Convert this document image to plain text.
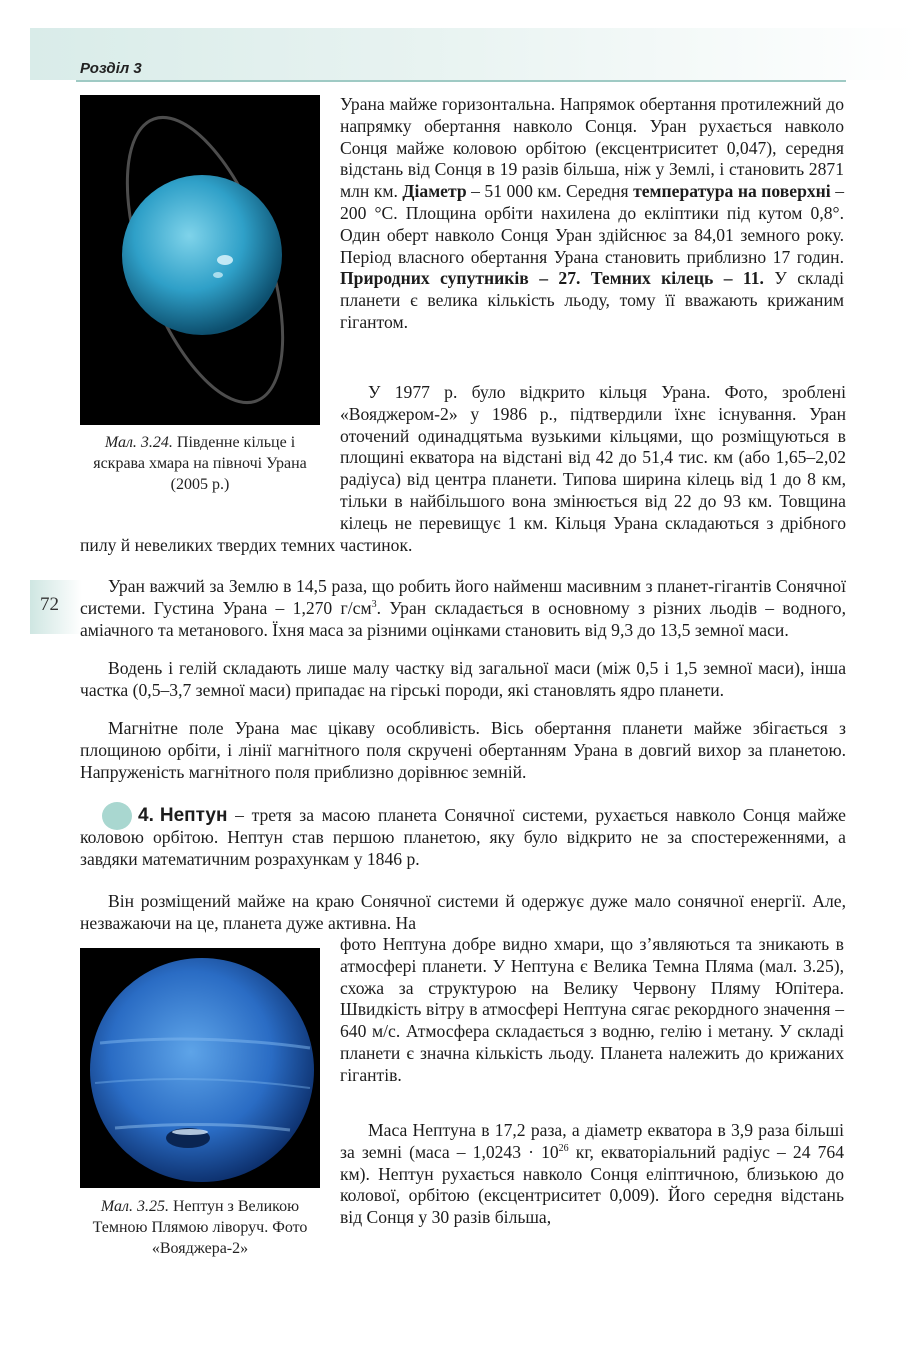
Розділ 3
72
Мал. 3.24. Південне кільце і яскрава хмара на півночі Урана (2005 р.)

Урана майже горизонтальна. Напрямок обертання протилежний до напрямку обертання навколо Сонця. Уран рухається навколо Сонця майже коловою орбітою (ексцентриситет 0,047), середня відстань від Сонця в 19 разів більша, ніж у Землі, і становить 2871 млн км. Діаметр – 51 000 км. Середня температура на поверхні – 200 °С. Площина орбіти нахилена до екліптики під кутом 0,8°. Один оберт навколо Сонця Уран здійснює за 84,01 земного року. Період власного обертання Урана становить приблизно 17 годин. Природних супутників – 27. Темних кілець – 11. У складі планети є велика кількість льоду, тому її вважають крижаним гігантом.

У 1977 р. було відкрито кільця Урана. Фото, зроблені «Вояджером-2» у 1986 р., підтвердили їхнє існування. Уран оточений одинадцятьма вузькими кільцями, що розміщуються в площині екватора на відстані від 42 до 51,4 тис. км (або 1,65–2,02 радіуса) від центра планети. Типова ширина кілець від 1 до 8 км, тільки в найбільшого вона змінюється від 22 до 93 км. Товщина кілець не перевищує 1 км. Кільця Урана складаються з дрібного пилу й невеликих твердих темних частинок.

Уран важчий за Землю в 14,5 раза, що робить його найменш масивним з планет-гігантів Сонячної системи. Густина Урана – 1,270 $г/см^3$. Уран складається в основному з різних льодів – водного, аміачного та метанового. Їхня маса за різними оцінками становить від 9,3 до 13,5 земної маси.

Водень і гелій складають лише малу частку від загальної маси (між 0,5 і 1,5 земної маси), інша частка (0,5–3,7 земної маси) припадає на гірські породи, які становлять ядро планети.

Магнітне поле Урана має цікаву особливість. Вісь обертання планети майже збігається з площиною орбіти, і лінії магнітного поля скручені обертанням Урана в довгий вихор за планетою. Напруженість магнітного поля приблизно дорівнює земній.

4. Нептун – третя за масою планета Сонячної системи, рухається навколо Сонця майже коловою орбітою. Нептун став першою планетою, яку було відкрито не за спостереженнями, а завдяки математичним розрахункам у 1846 р.

Він розміщений майже на краю Сонячної системи й одержує дуже мало сонячної енергії. Але, незважаючи на це, планета дуже активна. На

фото Нептуна добре видно хмари, що з’являються та зникають в атмосфері планети. У Нептуна є Велика Темна Пляма (мал. 3.25), схожа за структурою на Велику Червону Пляму Юпітера. Швидкість вітру в атмосфері Нептуна сягає рекордного значення – 640 м/с. Атмосфера складається з водню, гелію і метану. У складі планети є значна кількість льоду. Планета належить до крижаних гігантів.

Маса Нептуна в 17,2 раза, а діаметр екватора в 3,9 раза більші за земні (маса – $1,0243 \cdot 10^{26}$ кг, екваторіальний радіус – 24 764 км). Нептун рухається навколо Сонця еліптичною, близькою до колової, орбітою (ексцентриситет 0,009). Його середня відстань від Сонця у 30 разів більша,

Мал. 3.25. Нептун з Великою Темною Плямою ліворуч. Фото «Вояджера-2»
